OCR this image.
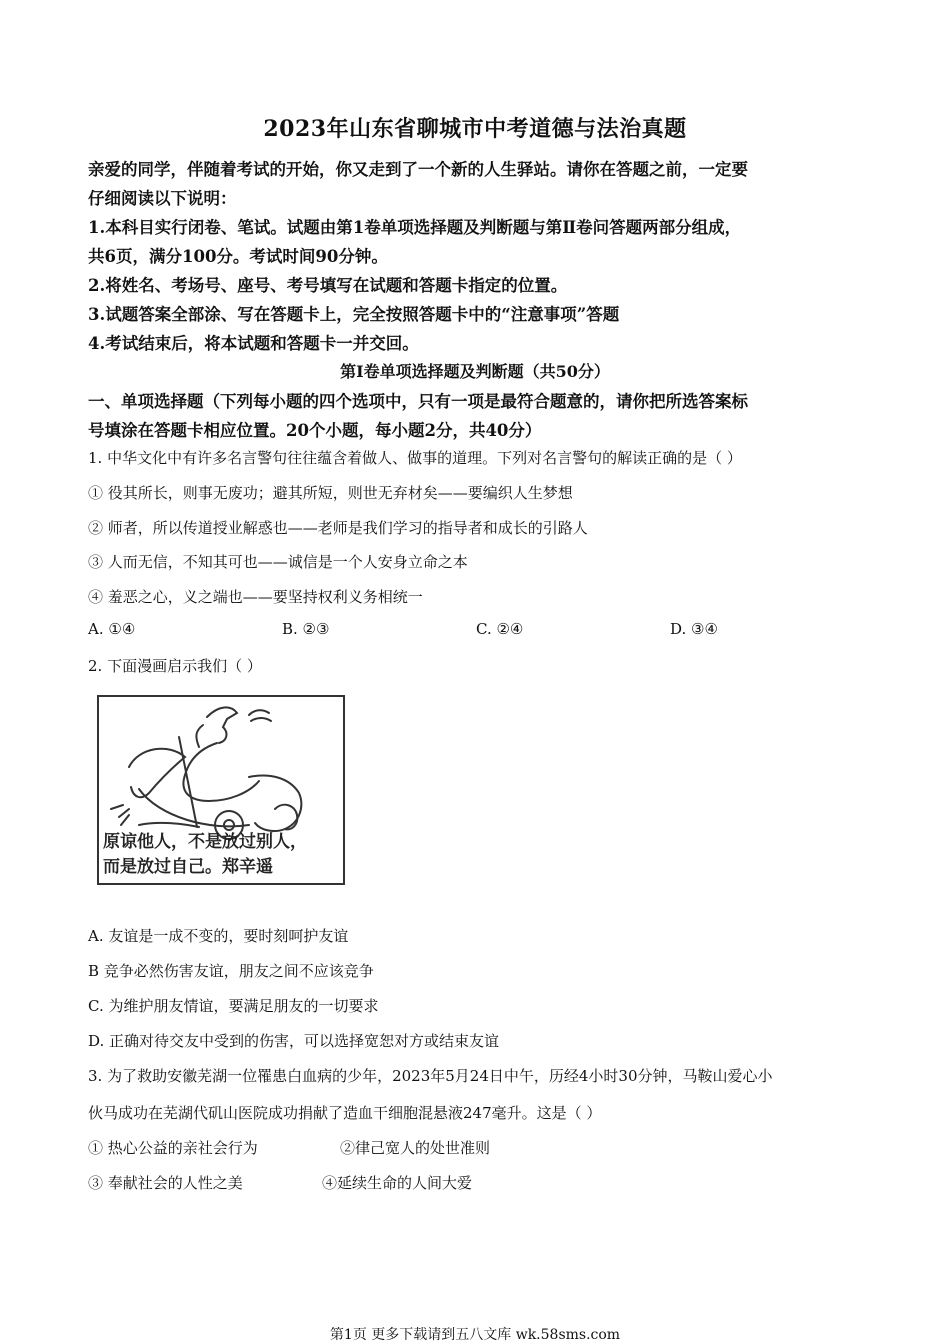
2023年山东省聊城市中考道德与法治真题
亲爱的同学，伴随着考试的开始，你又走到了一个新的人生驿站。请你在答题之前，一定要
仔细阅读以下说明：
1.本科目实行闭卷、笔试。试题由第1卷单项选择题及判断题与第Ⅱ卷问答题两部分组成，
共6页，满分100分。考试时间90分钟。
2.将姓名、考场号、座号、考号填写在试题和答题卡指定的位置。
3.试题答案全部涂、写在答题卡上，完全按照答题卡中的“注意事项”答题
4.考试结束后，将本试题和答题卡一并交回。
第I卷单项选择题及判断题（共50分）
一、单项选择题（下列每小题的四个选项中，只有一项是最符合题意的，请你把所选答案标
号填涂在答题卡相应位置。20个小题，每小题2分，共40分）
1. 中华文化中有许多名言警句往往蕴含着做人、做事的道理。下列对名言警句的解读正确的是（ ）
① 役其所长，则事无废功；避其所短，则世无弃材矣——要编织人生梦想
② 师者，所以传道授业解惑也——老师是我们学习的指导者和成长的引路人
③ 人而无信，不知其可也——诚信是一个人安身立命之本
④ 羞恶之心，义之端也——要坚持权利义务相统一
A. ①④	B. ②③	C. ②④	D. ③④
2. 下面漫画启示我们（ ）
原谅他人，不是放过别人，
而是放过自己。郑辛遥
A. 友谊是一成不变的，要时刻呵护友谊
B 竞争必然伤害友谊，朋友之间不应该竞争
C. 为维护朋友情谊，要满足朋友的一切要求
D. 正确对待交友中受到的伤害，可以选择宽恕对方或结束友谊
3. 为了救助安徽芜湖一位罹患白血病的少年，2023年5月24日中午，历经4小时30分钟，马鞍山爱心小
伙马成功在芜湖代矶山医院成功捐献了造血干细胞混悬液247毫升。这是（ ）
① 热心公益的亲社会行为	②律己宽人的处世准则
③ 奉献社会的人性之美	④延续生命的人间大爱
第1页 更多下载请到五八文库 wk.58sms.com
